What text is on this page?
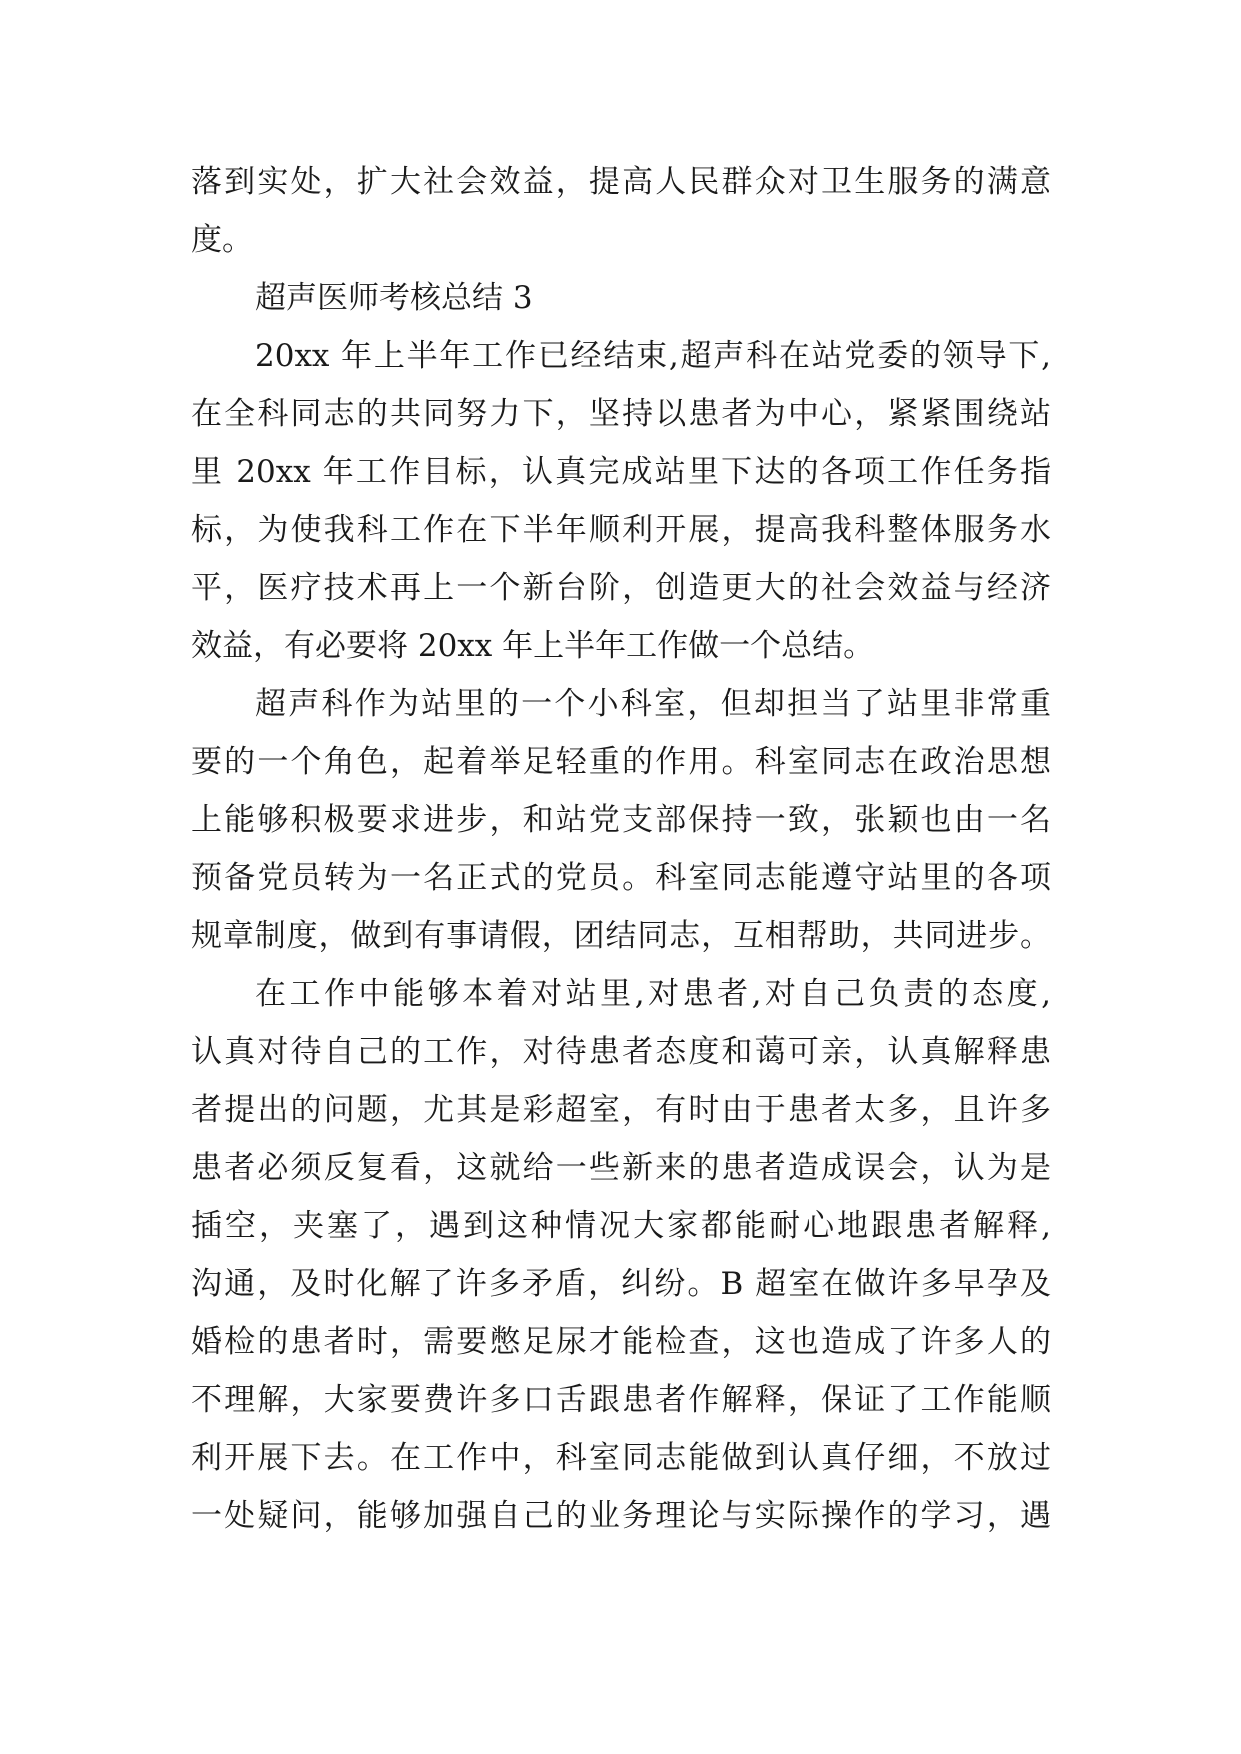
落到实处，扩大社会效益，提高人民群众对卫生服务的满意
度。
超声医师考核总结 3
20xx 年上半年工作已经结束,超声科在站党委的领导下,
在全科同志的共同努力下，坚持以患者为中心，紧紧围绕站
里 20xx 年工作目标，认真完成站里下达的各项工作任务指
标，为使我科工作在下半年顺利开展，提高我科整体服务水
平，医疗技术再上一个新台阶，创造更大的社会效益与经济
效益，有必要将 20xx 年上半年工作做一个总结。
超声科作为站里的一个小科室，但却担当了站里非常重
要的一个角色，起着举足轻重的作用。科室同志在政治思想
上能够积极要求进步，和站党支部保持一致，张颖也由一名
预备党员转为一名正式的党员。科室同志能遵守站里的各项
规章制度，做到有事请假，团结同志，互相帮助，共同进步。
在工作中能够本着对站里,对患者,对自己负责的态度,
认真对待自己的工作，对待患者态度和蔼可亲，认真解释患
者提出的问题，尤其是彩超室，有时由于患者太多，且许多
患者必须反复看，这就给一些新来的患者造成误会，认为是
插空，夹塞了，遇到这种情况大家都能耐心地跟患者解释,
沟通，及时化解了许多矛盾，纠纷。B 超室在做许多早孕及
婚检的患者时，需要憋足尿才能检查，这也造成了许多人的
不理解，大家要费许多口舌跟患者作解释，保证了工作能顺
利开展下去。在工作中，科室同志能做到认真仔细，不放过
一处疑问，能够加强自己的业务理论与实际操作的学习，遇
